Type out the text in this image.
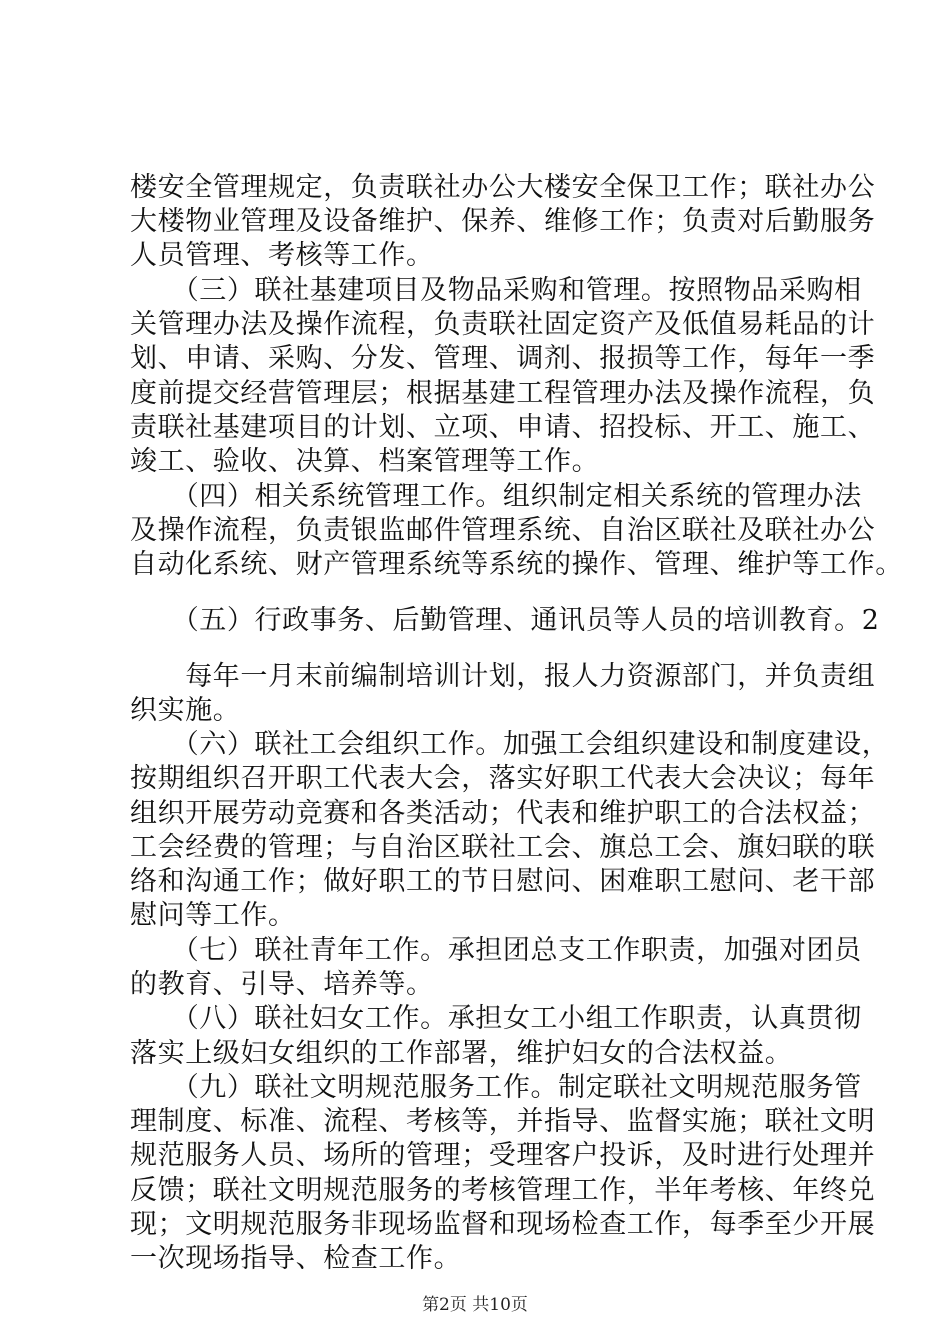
楼安全管理规定，负责联社办公大楼安全保卫工作；联社办公
大楼物业管理及设备维护、保养、维修工作；负责对后勤服务
人员管理、考核等工作。
　　（三）联社基建项目及物品采购和管理。按照物品采购相
关管理办法及操作流程，负责联社固定资产及低值易耗品的计
划、申请、采购、分发、管理、调剂、报损等工作，每年一季
度前提交经营管理层；根据基建工程管理办法及操作流程，负
责联社基建项目的计划、立项、申请、招投标、开工、施工、
竣工、验收、决算、档案管理等工作。
　　（四）相关系统管理工作。组织制定相关系统的管理办法
及操作流程，负责银监邮件管理系统、自治区联社及联社办公
自动化系统、财产管理系统等系统的操作、管理、维护等工作。
　　（五）行政事务、后勤管理、通讯员等人员的培训教育。2
　　每年一月末前编制培训计划，报人力资源部门，并负责组
织实施。
　　（六）联社工会组织工作。加强工会组织建设和制度建设，
按期组织召开职工代表大会，落实好职工代表大会决议；每年
组织开展劳动竞赛和各类活动；代表和维护职工的合法权益；
工会经费的管理；与自治区联社工会、旗总工会、旗妇联的联
络和沟通工作；做好职工的节日慰问、困难职工慰问、老干部
慰问等工作。
　　（七）联社青年工作。承担团总支工作职责，加强对团员
的教育、引导、培养等。
　　（八）联社妇女工作。承担女工小组工作职责，认真贯彻
落实上级妇女组织的工作部署，维护妇女的合法权益。
　　（九）联社文明规范服务工作。制定联社文明规范服务管
理制度、标准、流程、考核等，并指导、监督实施；联社文明
规范服务人员、场所的管理；受理客户投诉，及时进行处理并
反馈；联社文明规范服务的考核管理工作，半年考核、年终兑
现；文明规范服务非现场监督和现场检查工作，每季至少开展
一次现场指导、检查工作。
第2页 共10页
